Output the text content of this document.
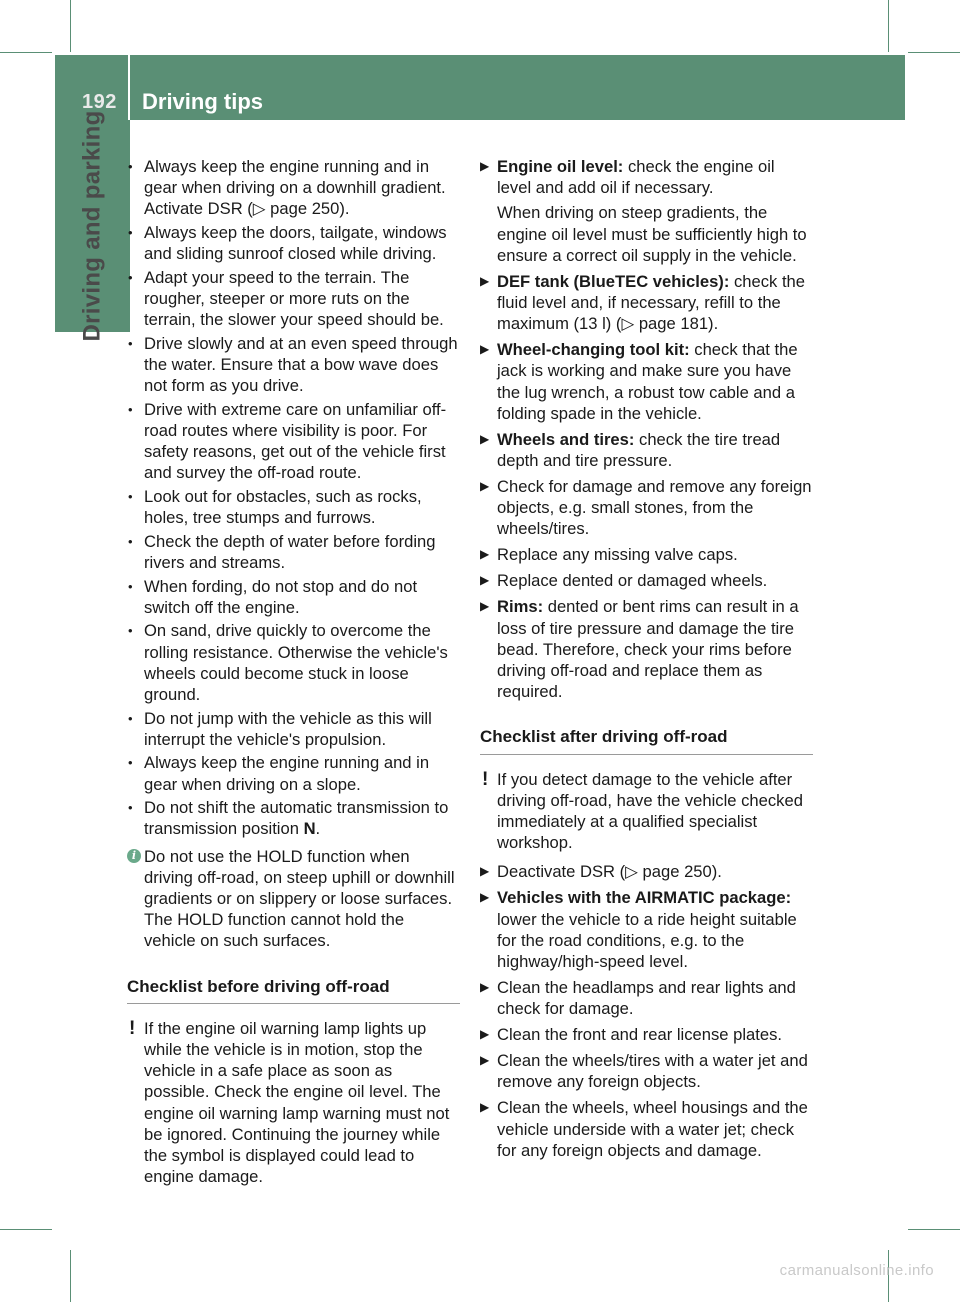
192 Driving tips
Driving and parking • Always keep the engine running and in gear when driving on a downhill gradient. Activate DSR (▷ page 250).
• Always keep the doors, tailgate, windows and sliding sunroof closed while driving.
• Adapt your speed to the terrain. The rougher, steeper or more ruts on the terrain, the slower your speed should be.
• Drive slowly and at an even speed through the water. Ensure that a bow wave does not form as you drive.
• Drive with extreme care on unfamiliar off-road routes where visibility is poor. For safety reasons, get out of the vehicle first and survey the off-road route.
• Look out for obstacles, such as rocks, holes, tree stumps and furrows.
• Check the depth of water before fording rivers and streams.
• When fording, do not stop and do not switch off the engine.
• On sand, drive quickly to overcome the rolling resistance. Otherwise the vehicle's wheels could become stuck in loose ground.
• Do not jump with the vehicle as this will interrupt the vehicle's propulsion.
• Always keep the engine running and in gear when driving on a slope.
• Do not shift the automatic transmission to transmission position N.
i Do not use the HOLD function when driving off-road, on steep uphill or downhill gradients or on slippery or loose surfaces. The HOLD function cannot hold the vehicle on such surfaces.
Checklist before driving off-road
! If the engine oil warning lamp lights up while the vehicle is in motion, stop the vehicle in a safe place as soon as possible. Check the engine oil level. The engine oil warning lamp warning must not be ignored. Continuing the journey while the symbol is displayed could lead to engine damage.
▶ Engine oil level: check the engine oil level and add oil if necessary.
When driving on steep gradients, the engine oil level must be sufficiently high to ensure a correct oil supply in the vehicle.
▶ DEF tank (BlueTEC vehicles): check the fluid level and, if necessary, refill to the maximum (13 l) (▷ page 181).
▶ Wheel-changing tool kit: check that the jack is working and make sure you have the lug wrench, a robust tow cable and a folding spade in the vehicle.
▶ Wheels and tires: check the tire tread depth and tire pressure.
▶ Check for damage and remove any foreign objects, e.g. small stones, from the wheels/tires.
▶ Replace any missing valve caps.
▶ Replace dented or damaged wheels.
▶ Rims: dented or bent rims can result in a loss of tire pressure and damage the tire bead. Therefore, check your rims before driving off-road and replace them as required.
Checklist after driving off-road
! If you detect damage to the vehicle after driving off-road, have the vehicle checked immediately at a qualified specialist workshop.
▶ Deactivate DSR (▷ page 250).
▶ Vehicles with the AIRMATIC package: lower the vehicle to a ride height suitable for the road conditions, e.g. to the highway/high-speed level.
▶ Clean the headlamps and rear lights and check for damage.
▶ Clean the front and rear license plates.
▶ Clean the wheels/tires with a water jet and remove any foreign objects.
▶ Clean the wheels, wheel housings and the vehicle underside with a water jet; check for any foreign objects and damage.
carmanualsonline.info
